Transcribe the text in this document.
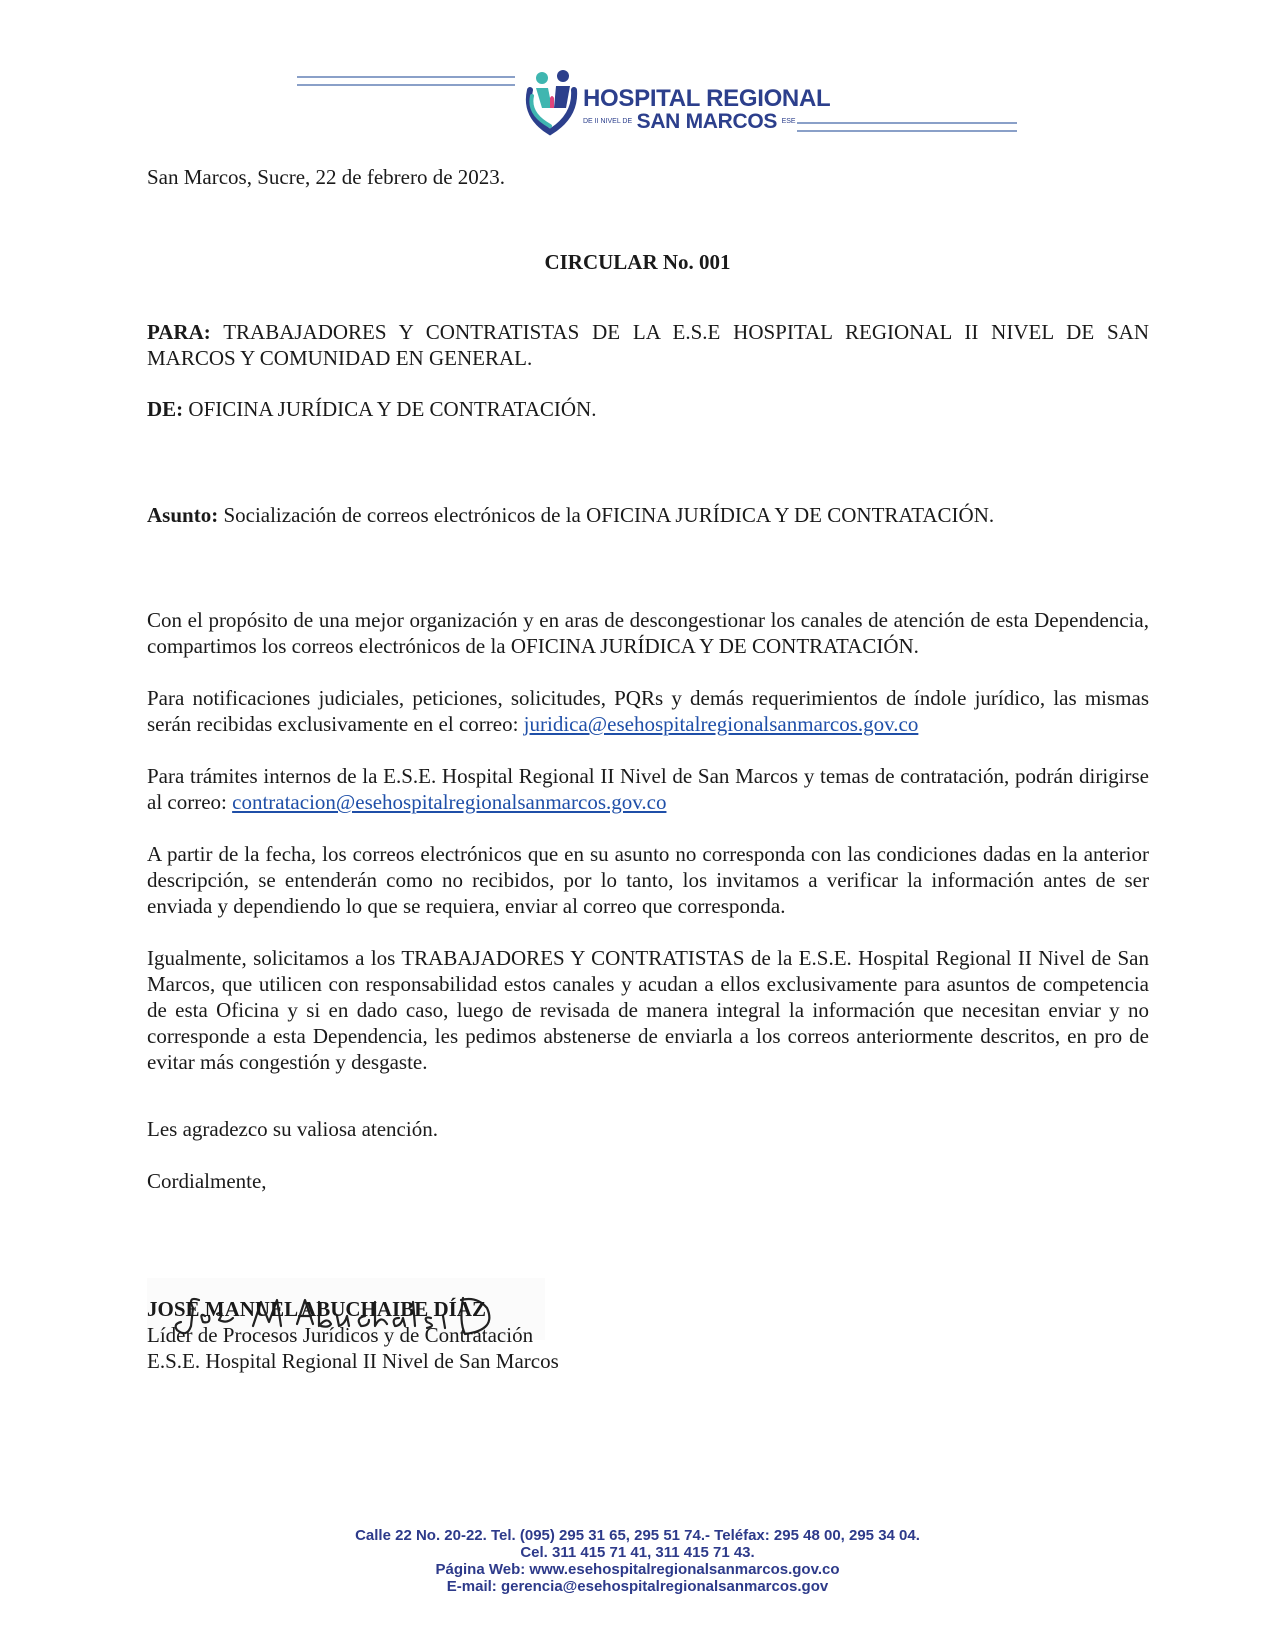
HOSPITAL REGIONAL
DE II NIVEL DE SAN MARCOS ESE

San Marcos, Sucre, 22 de febrero de 2023.

CIRCULAR No. 001

PARA: TRABAJADORES Y CONTRATISTAS DE LA E.S.E HOSPITAL REGIONAL II NIVEL DE SAN MARCOS Y COMUNIDAD EN GENERAL.

DE: OFICINA JURÍDICA Y DE CONTRATACIÓN.

Asunto: Socialización de correos electrónicos de la OFICINA JURÍDICA Y DE CONTRATACIÓN.

Con el propósito de una mejor organización y en aras de descongestionar los canales de atención de esta Dependencia, compartimos los correos electrónicos de la OFICINA JURÍDICA Y DE CONTRATACIÓN.

Para notificaciones judiciales, peticiones, solicitudes, PQRs y demás requerimientos de índole jurídico, las mismas serán recibidas exclusivamente en el correo: juridica@esehospitalregionalsanmarcos.gov.co

Para trámites internos de la E.S.E. Hospital Regional II Nivel de San Marcos y temas de contratación, podrán dirigirse al correo: contratacion@esehospitalregionalsanmarcos.gov.co

A partir de la fecha, los correos electrónicos que en su asunto no corresponda con las condiciones dadas en la anterior descripción, se entenderán como no recibidos, por lo tanto, los invitamos a verificar la información antes de ser enviada y dependiendo lo que se requiera, enviar al correo que corresponda.

Igualmente, solicitamos a los TRABAJADORES Y CONTRATISTAS de la E.S.E. Hospital Regional II Nivel de San Marcos, que utilicen con responsabilidad estos canales y acudan a ellos exclusivamente para asuntos de competencia de esta Oficina y si en dado caso, luego de revisada de manera integral la información que necesitan enviar y no corresponde a esta Dependencia, les pedimos abstenerse de enviarla a los correos anteriormente descritos, en pro de evitar más congestión y desgaste.

Les agradezco su valiosa atención.

Cordialmente,

JOSE MANUEL ABUCHAIBE DÍAZ

Líder de Procesos Jurídicos y de Contratación

E.S.E. Hospital Regional II Nivel de San Marcos

Calle 22 No. 20-22. Tel. (095) 295 31 65, 295 51 74.- Teléfax: 295 48 00, 295 34 04.
Cel. 311 415 71 41, 311 415 71 43.
Página Web: www.esehospitalregionalsanmarcos.gov.co
E-mail: gerencia@esehospitalregionalsanmarcos.gov
